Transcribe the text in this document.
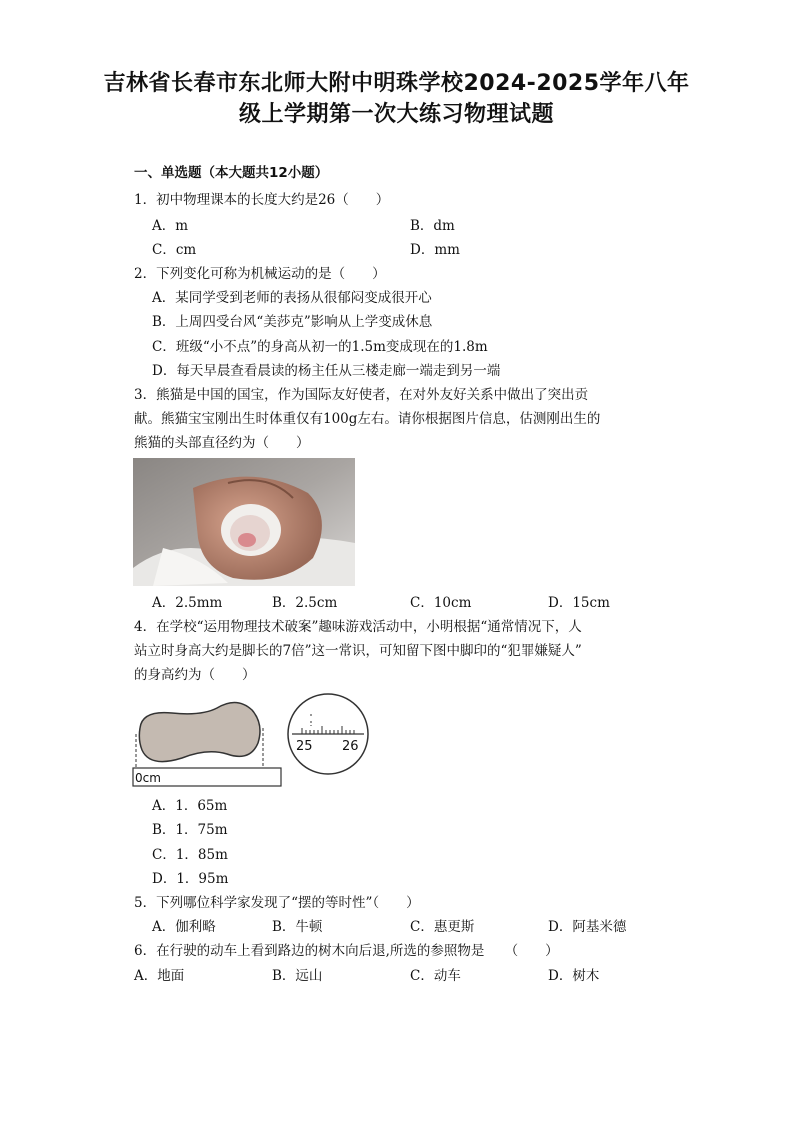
吉林省长春市东北师大附中明珠学校2024-2025学年八年
级上学期第一次大练习物理试题
一、单选题（本大题共12小题）
1．初中物理课本的长度大约是26（　　）
A．m	B．dm
C．cm	D．mm
2．下列变化可称为机械运动的是（　　）
A．某同学受到老师的表扬从很郁闷变成很开心
B．上周四受台风“美莎克”影响从上学变成休息
C．班级“小不点”的身高从初一的1.5m变成现在的1.8m
D．每天早晨查看晨读的杨主任从三楼走廊一端走到另一端
3．熊猫是中国的国宝，作为国际友好使者，在对外友好关系中做出了突出贡
献。熊猫宝宝刚出生时体重仅有100g左右。请你根据图片信息，估测刚出生的
熊猫的头部直径约为（　　）
A．2.5mm	B．2.5cm	C．10cm	D．15cm
4．在学校“运用物理技术破案”趣味游戏活动中，小明根据“通常情况下，人
站立时身高大约是脚长的7倍”这一常识，可知留下图中脚印的“犯罪嫌疑人”
的身高约为（　　）
0cm
25 26
A．1．65m
B．1．75m
C．1．85m
D．1．95m
5．下列哪位科学家发现了“摆的等时性”（　　）
A．伽利略	B．牛顿	C．惠更斯	D．阿基米德
6．在行驶的动车上看到路边的树木向后退,所选的参照物是　　（　　）
A．地面	B．远山	C．动车	D．树木
